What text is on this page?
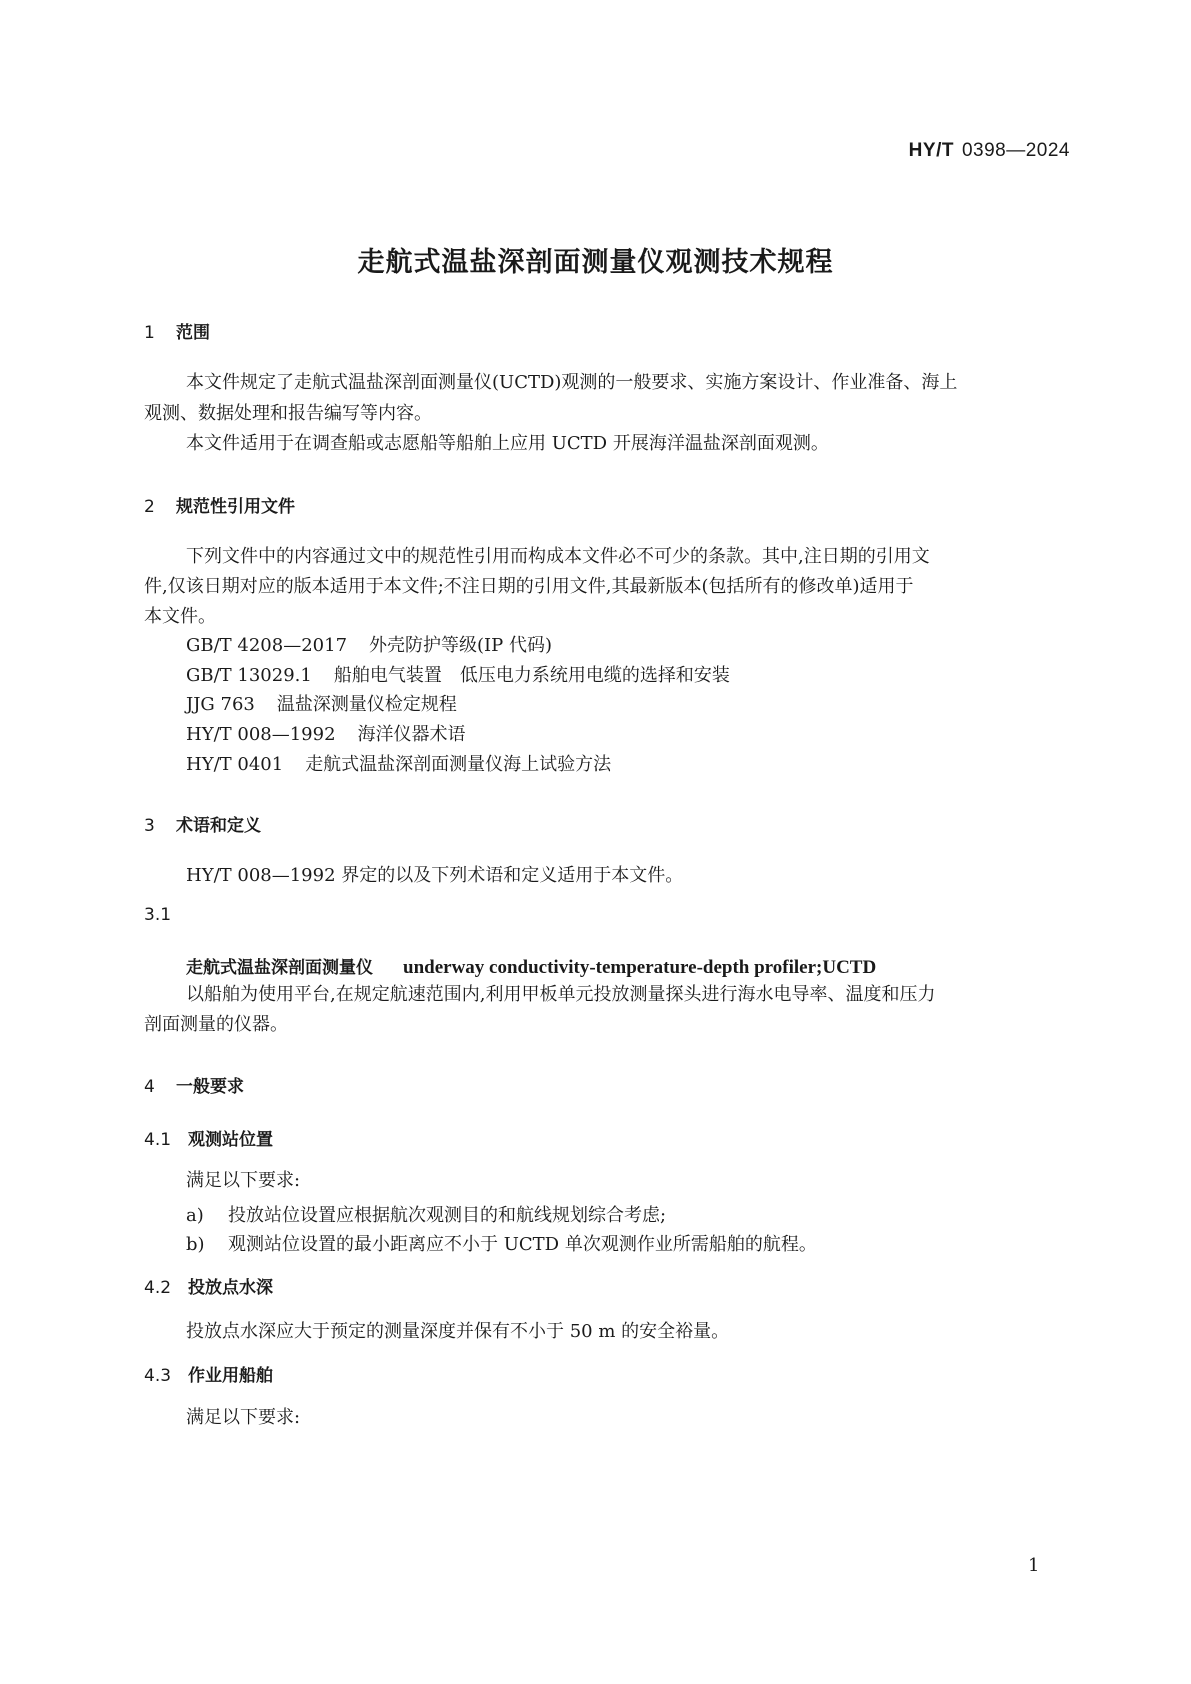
HY/T 0398—2024
走航式温盐深剖面测量仪观测技术规程
1 范围

本文件规定了走航式温盐深剖面测量仪(UCTD)观测的一般要求、实施方案设计、作业准备、海上

观测、数据处理和报告编写等内容。

本文件适用于在调查船或志愿船等船舶上应用 UCTD 开展海洋温盐深剖面观测。

2 规范性引用文件

下列文件中的内容通过文中的规范性引用而构成本文件必不可少的条款。其中,注日期的引用文

件,仅该日期对应的版本适用于本文件;不注日期的引用文件,其最新版本(包括所有的修改单)适用于

本文件。

GB/T 4208—2017 外壳防护等级(IP 代码)
GB/T 13029.1 船舶电气装置　低压电力系统用电缆的选择和安装
JJG 763 温盐深测量仪检定规程
HY/T 008—1992 海洋仪器术语
HY/T 0401 走航式温盐深剖面测量仪海上试验方法
3 术语和定义

HY/T 008—1992 界定的以及下列术语和定义适用于本文件。

3.1
走航式温盐深剖面测量仪 underway conductivity-temperature-depth profiler;UCTD

以船舶为使用平台,在规定航速范围内,利用甲板单元投放测量探头进行海水电导率、温度和压力

剖面测量的仪器。

4 一般要求
4.1 观测站位置

满足以下要求:

a) 投放站位设置应根据航次观测目的和航线规划综合考虑;
b) 观测站位设置的最小距离应不小于 UCTD 单次观测作业所需船舶的航程。
4.2 投放点水深

投放点水深应大于预定的测量深度并保有不小于 50 m 的安全裕量。

4.3 作业用船舶

满足以下要求:

1
